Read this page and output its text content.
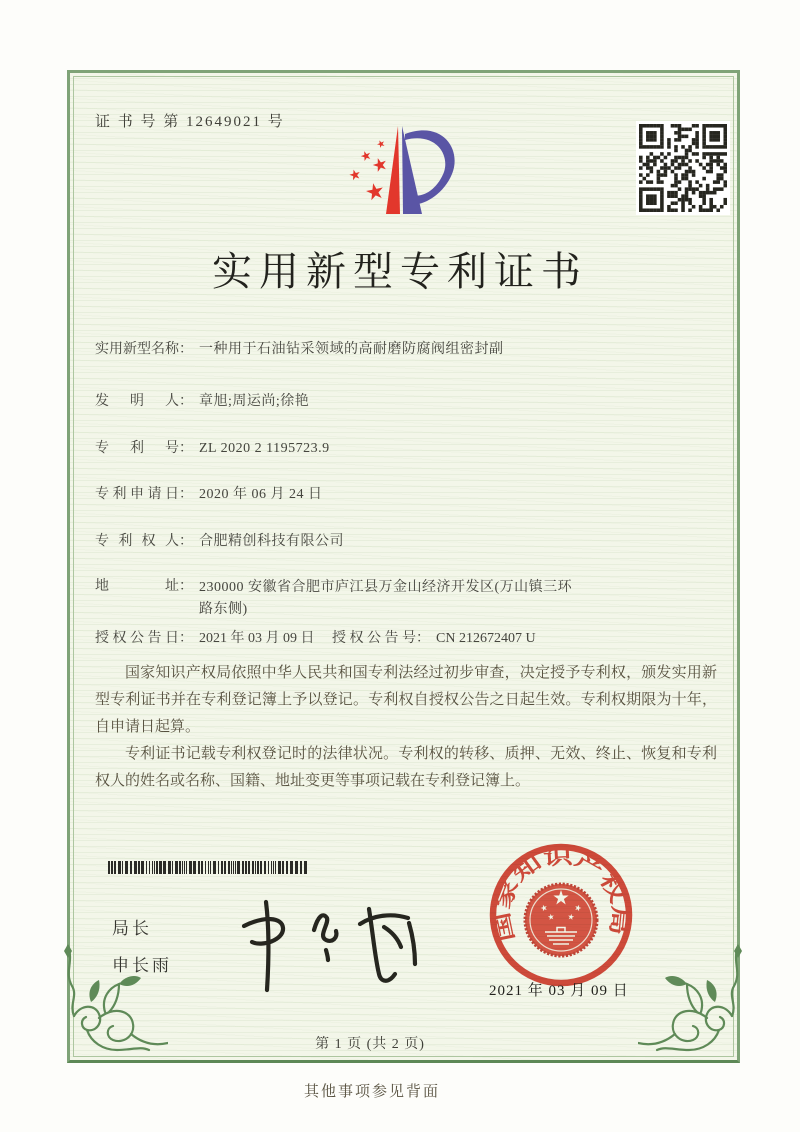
证 书 号 第 12649021 号
实用新型专利证书
实用新型名称： 一种用于石油钻采领域的高耐磨防腐阀组密封副
发明人： 章旭;周运尚;徐艳
专利号： ZL 2020 2 1195723.9
专利申请日： 2020 年 06 月 24 日
专利权人： 合肥精创科技有限公司
地址： 230000 安徽省合肥市庐江县万金山经济开发区(万山镇三环路东侧)
授权公告日： 2021 年 03 月 09 日 授权公告号： CN 212672407 U

国家知识产权局依照中华人民共和国专利法经过初步审查，决定授予专利权，颁发实用新型专利证书并在专利登记簿上予以登记。专利权自授权公告之日起生效。专利权期限为十年，自申请日起算。

专利证书记载专利权登记时的法律状况。专利权的转移、质押、无效、终止、恢复和专利权人的姓名或名称、国籍、地址变更等事项记载在专利登记簿上。

局长
申长雨
国家知识产权局
2021 年 03 月 09 日
第 1 页 (共 2 页)
其他事项参见背面
